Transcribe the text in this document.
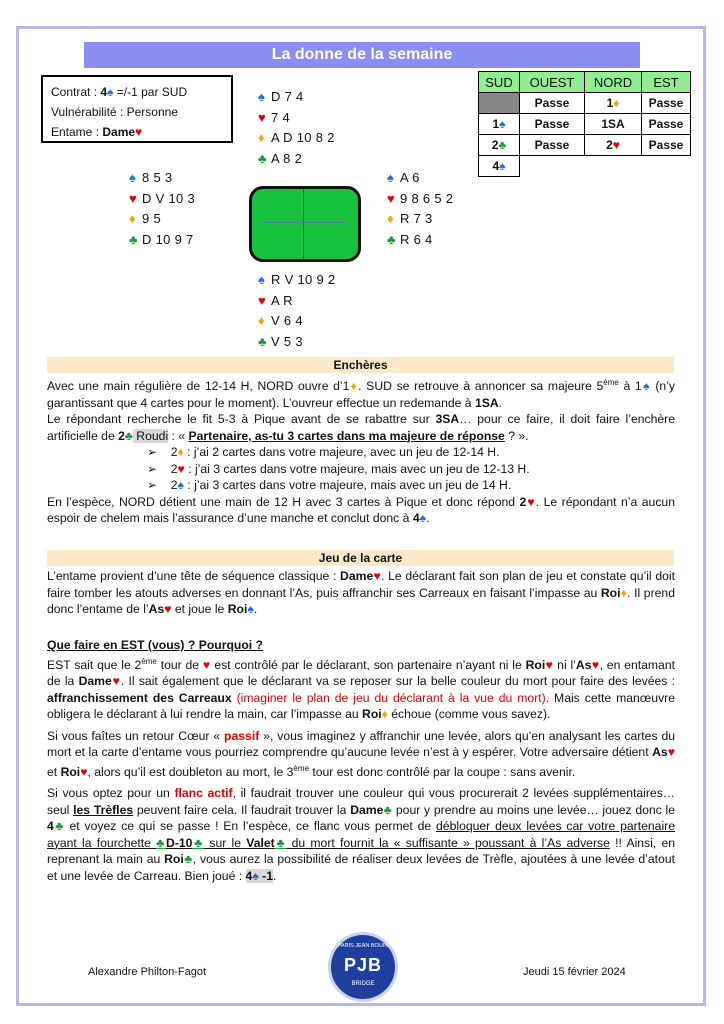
La donne de la semaine
Contrat : 4♠ =/-1 par SUD
Vulnérabilité : Personne
Entame : Dame♥
♠ D 7 4
♥ 7 4
♦ A D 10 8 2
♣ A 8 2
♠ 8 5 3
♥ D V 10 3
♦ 9 5
♣ D 10 9 7
♠ A 6
♥ 9 8 6 5 2
♦ R 7 3
♣ R 6 4
♠ R V 10 9 2
♥ A R
♦ V 6 4
♣ V 5 3
SUD	OUEST	NORD	EST
	Passe	1♦	Passe
1♠	Passe	1SA	Passe
2♣	Passe	2♥	Passe
4♠			
Enchères

Avec une main régulière de 12-14 H, NORD ouvre d’1♦. SUD se retrouve à annoncer sa majeure 5ème à 1♠ (n’y garantissant que 4 cartes pour le moment). L’ouvreur effectue un redemande à 1SA.

Le répondant recherche le fit 5-3 à Pique avant de se rabattre sur 3SA… pour ce faire, il doit faire l’enchère artificielle de 2♣ Roudi : « Partenaire, as-tu 3 cartes dans ma majeure de réponse ? ».

➢    2♦ : j’ai 2 cartes dans votre majeure, avec un jeu de 12-14 H.

➢    2♥ : j’ai 3 cartes dans votre majeure, mais avec un jeu de 12-13 H.

➢    2♠ : j’ai 3 cartes dans votre majeure, mais avec un jeu de 14 H.

En l’espèce, NORD détient une main de 12 H avec 3 cartes à Pique et donc répond 2♥. Le répondant n’a aucun espoir de chelem mais l’assurance d’une manche et conclut donc à 4♠.

Jeu de la carte

L’entame provient d’une tête de séquence classique : Dame♥. Le déclarant fait son plan de jeu et constate qu’il doit faire tomber les atouts adverses en donnant l’As, puis affranchir ses Carreaux en faisant l’impasse au Roi♦. Il prend donc l’entame de l’As♥ et joue le Roi♠.

Que faire en EST (vous) ? Pourquoi ?

EST sait que le 2ème tour de ♥ est contrôlé par le déclarant, son partenaire n’ayant ni le Roi♥ ni l’As♥, en entamant de la Dame♥. Il sait également que le déclarant va se reposer sur la belle couleur du mort pour faire des levées : affranchissement des Carreaux (imaginer le plan de jeu du déclarant à la vue du mort). Mais cette manœuvre obligera le déclarant à lui rendre la main, car l’impasse au Roi♦ échoue (comme vous savez).

Si vous faîtes un retour Cœur « passif », vous imaginez y affranchir une levée, alors qu’en analysant les cartes du mort et la carte d’entame vous pourriez comprendre qu’aucune levée n’est à y espérer. Votre adversaire détient As♥ et Roi♥, alors qu’il est doubleton au mort, le 3ème tour est donc contrôlé par la coupe : sans avenir.

Si vous optez pour un flanc actif, il faudrait trouver une couleur qui vous procurerait 2 levées supplémentaires…seul les Trèfles peuvent faire cela. Il faudrait trouver la Dame♣ pour y prendre au moins une levée… jouez donc le 4♣ et voyez ce qui se passe ! En l’espèce, ce flanc vous permet de débloquer deux levées car votre partenaire ayant la fourchette ♣D-10♣ sur le Valet♣ du mort fournit la « suffisante » poussant à l’As adverse !! Ainsi, en reprenant la main au Roi♣, vous aurez la possibilité de réaliser deux levées de Trèfle, ajoutées à une levée d’atout et une levée de Carreau. Bien joué : 4♠ -1.

Alexandre Philton-Fagot
PARIS JEAN BOUIN
PJB
BRIDGE
Jeudi 15 février 2024
